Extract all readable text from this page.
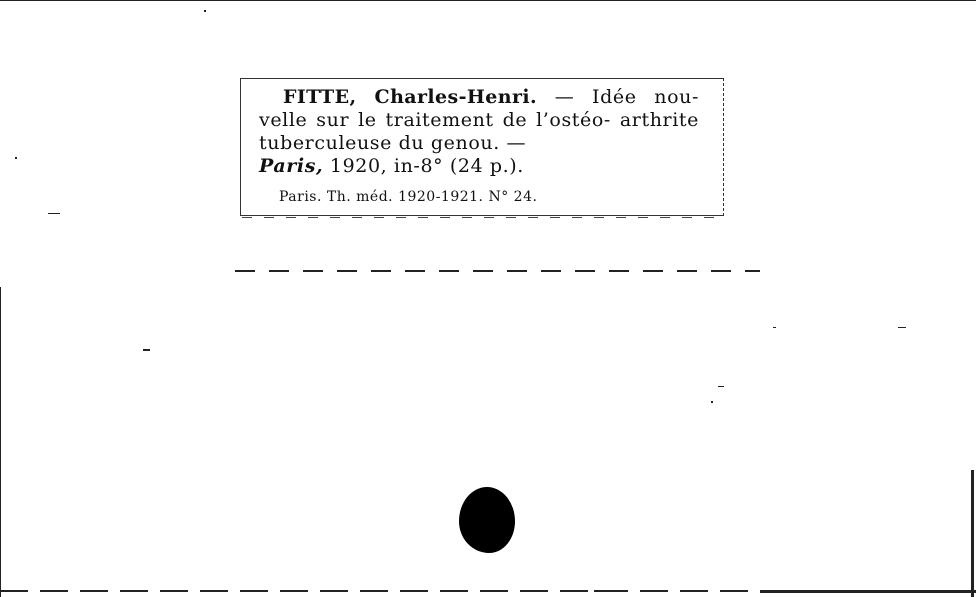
FITTE, Charles-Henri. — Idée nou- velle sur le traitement de l’ostéo- arthrite tuberculeuse du genou. —
Paris, 1920, in-8° (24 p.).
Paris. Th. méd. 1920-1921. N° 24.
